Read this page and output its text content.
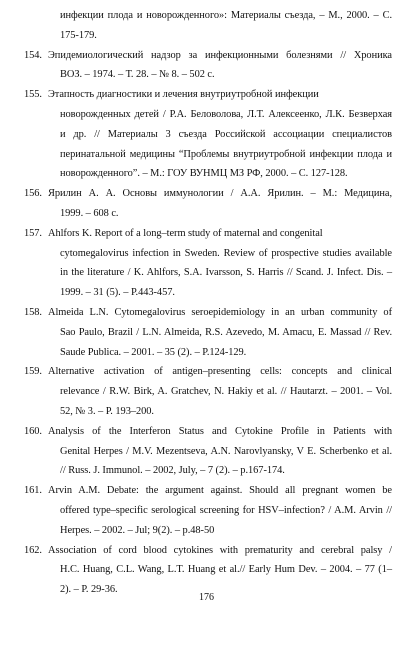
инфекции плода и новорожденного»: Материалы съезда, – М., 2000. – С.
175-179.
154. Эпидемиологический надзор за инфекционными болезнями // Хроника
ВОЗ. – 1974. – Т. 28. – № 8. – 502 с.
155. Этапность диагностики и лечения внутриутробной инфекции
новорожденных детей / Р.А. Беловолова, Л.Т. Алексеенко, Л.К. Безверхая
и др. // Материалы 3 съезда Российской ассоциации специалистов
перинатальной медицины “Проблемы внутриутробной инфекции плода и
новорожденного”. – М.: ГОУ ВУНМЦ МЗ РФ, 2000. – С. 127-128.
156. Ярилин А. А. Основы иммунологии / А.А. Ярилин. – М.: Медицина,
1999. – 608 с.
157. Ahlfors K. Report of a long–term study of maternal and congenital
cytomegalovirus infection in Sweden. Review of prospective studies available
in the literature / K. Ahlfors, S.A. Ivarsson, S. Harris // Scand. J. Infect. Dis. –
1999. – 31 (5). – P.443-457.
158. Almeida L.N. Cytomegalovirus seroepidemiology in an urban community of
Sao Paulo, Brazil / L.N. Almeida, R.S. Azevedo, M. Amacu, E. Massad // Rev.
Saude Publica. – 2001. – 35 (2). – P.124-129.
159. Alternative activation of antigen–presenting cells: concepts and clinical
relevance / R.W. Birk, A. Gratchev, N. Hakiy et al. // Hautarzt. – 2001. – Vol.
52, № 3. – P. 193–200.
160. Analysis of the Interferon Status and Cytokine Profile in Patients with
Genital Herpes / M.V. Mezentseva, A.N. Narovlyansky, V E. Scherbenko et al.
// Russ. J. Immunol. – 2002, July, – 7 (2). – p.167-174.
161. Arvin A.M. Debate: the argument against. Should all pregnant women be
offered type–specific serological screening for HSV–infection? / A.M. Arvin //
Herpes. – 2002. – Jul; 9(2). – p.48-50
162. Association of cord blood cytokines with prematurity and cerebral palsy /
H.C. Huang, C.L. Wang, L.T. Huang et al.// Early Hum Dev. – 2004. – 77 (1–
2). – P. 29-36.
176
